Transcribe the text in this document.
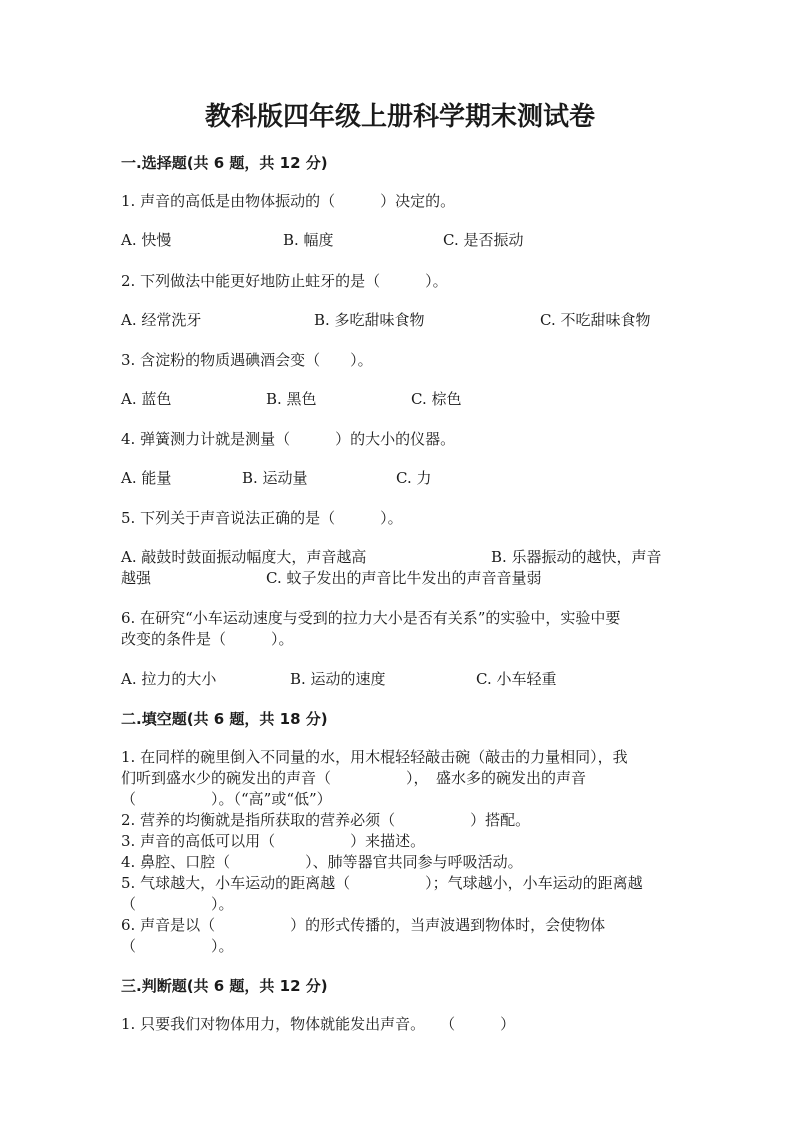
教科版四年级上册科学期末测试卷
一.选择题(共 6 题，共 12 分)
1. 声音的高低是由物体振动的（　　　）决定的。
A. 快慢	B. 幅度	C. 是否振动
2. 下列做法中能更好地防止蛀牙的是（　　　）。
A. 经常洗牙	B. 多吃甜味食物	C. 不吃甜味食物
3. 含淀粉的物质遇碘酒会变（　　）。
A. 蓝色	B. 黑色	C. 棕色
4. 弹簧测力计就是测量（　　　）的大小的仪器。
A. 能量	B. 运动量	C. 力
5. 下列关于声音说法正确的是（　　　）。
A. 敲鼓时鼓面振动幅度大，声音越高	B. 乐器振动的越快，声音
越强	C. 蚊子发出的声音比牛发出的声音音量弱
6. 在研究“小车运动速度与受到的拉力大小是否有关系”的实验中，实验中要
改变的条件是（　　　）。
A. 拉力的大小	B. 运动的速度	C. 小车轻重
二.填空题(共 6 题，共 18 分)
1. 在同样的碗里倒入不同量的水，用木棍轻轻敲击碗（敲击的力量相同），我
们听到盛水少的碗发出的声音（　　　　　），　盛水多的碗发出的声音
（　　　　　）。（“高”或“低”）
2. 营养的均衡就是指所获取的营养必须（　　　　　）搭配。
3. 声音的高低可以用（　　　　　）来描述。
4. 鼻腔、口腔（　　　　　）、肺等器官共同参与呼吸活动。
5. 气球越大，小车运动的距离越（　　　　　）；气球越小，小车运动的距离越
（　　　　　）。
6. 声音是以（　　　　　）的形式传播的，当声波遇到物体时，会使物体
（　　　　　）。
三.判断题(共 6 题，共 12 分)
1. 只要我们对物体用力，物体就能发出声音。　　（　　　）
